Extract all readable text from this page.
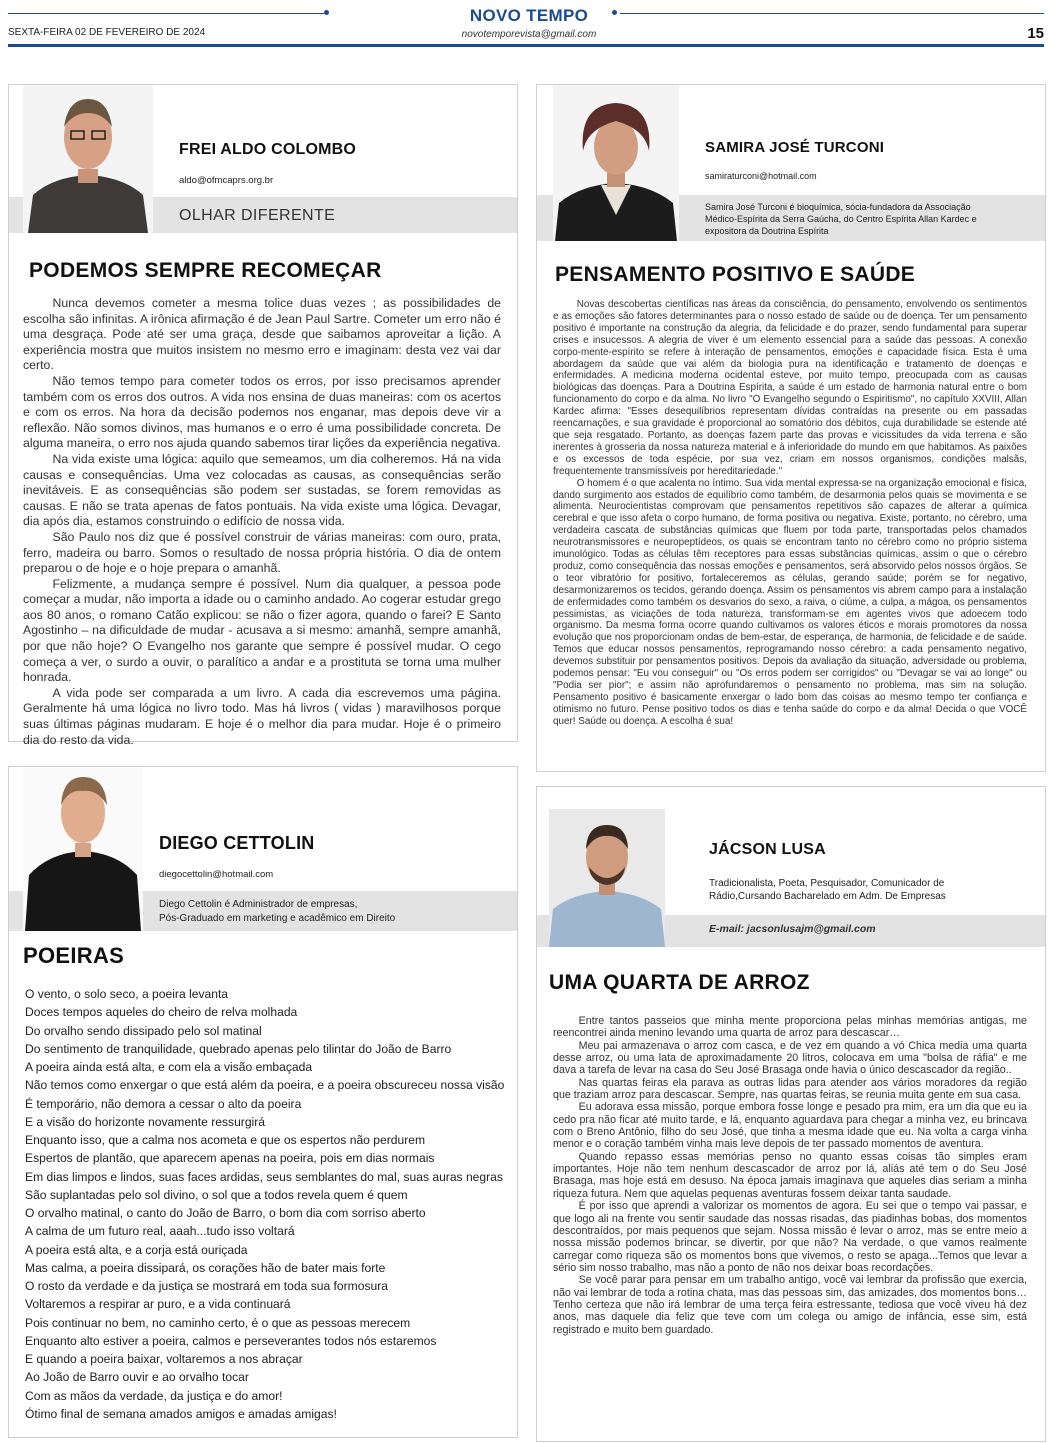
NOVO TEMPO
novotemporevista@gmail.com
SEXTA-FEIRA 02 DE FEVEREIRO DE 2024	15
FREI ALDO COLOMBO
aldo@ofmcaprs.org.br
OLHAR DIFERENTE
PODEMOS SEMPRE RECOMEÇAR

Nunca devemos cometer a mesma tolice duas vezes ; as possibilidades de escolha são infinitas. A irônica afirmação é de Jean Paul Sartre. Cometer um erro não é uma desgraça. Pode até ser uma graça, desde que saibamos aproveitar a lição. A experiência mostra que muitos insistem no mesmo erro e imaginam: desta vez vai dar certo.

Não temos tempo para cometer todos os erros, por isso precisamos aprender também com os erros dos outros. A vida nos ensina de duas maneiras: com os acertos e com os erros. Na hora da decisão podemos nos enganar, mas depois deve vir a reflexão. Não somos divinos, mas humanos e o erro é uma possibilidade concreta. De alguma maneira, o erro nos ajuda quando sabemos tirar lições da experiência negativa.

Na vida existe uma lógica: aquilo que semeamos, um dia colheremos. Há na vida causas e consequências. Uma vez colocadas as causas, as consequências serão inevitáveis. E as consequências são podem ser sustadas, se forem removidas as causas. E não se trata apenas de fatos pontuais. Na vida existe uma lógica. Devagar, dia após dia, estamos construindo o edifício de nossa vida.

São Paulo nos diz que é possível construir de várias maneiras: com ouro, prata, ferro, madeira ou barro. Somos o resultado de nossa própria história. O dia de ontem preparou o de hoje e o hoje prepara o amanhã.

Felizmente, a mudança sempre é possível. Num dia qualquer, a pessoa pode começar a mudar, não importa a idade ou o caminho andado. Ao cogerar estudar grego aos 80 anos, o romano Catão explicou: se não o fizer agora, quando o farei? E Santo Agostinho – na dificuldade de mudar - acusava a si mesmo: amanhã, sempre amanhã, por que não hoje? O Evangelho nos garante que sempre é possível mudar. O cego começa a ver, o surdo a ouvir, o paralítico a andar e a prostituta se torna uma mulher honrada.

A vida pode ser comparada a um livro. A cada dia escrevemos uma página. Geralmente há uma lógica no livro todo. Mas há livros ( vidas ) maravilhosos porque suas últimas páginas mudaram. E hoje é o melhor dia para mudar. Hoje é o primeiro dia do resto da vida.

SAMIRA JOSÉ TURCONI
samiraturconi@hotmail.com
Samira José Turconi é bioquímica, sócia-fundadora da Associação Médico-Espírita da Serra Gaúcha, do Centro Espírita Allan Kardec e expositora da Doutrina Espírita
PENSAMENTO POSITIVO E SAÚDE

Novas descobertas científicas nas áreas da consciência, do pensamento, envolvendo os sentimentos e as emoções são fatores determinantes para o nosso estado de saúde ou de doença. Ter um pensamento positivo é importante na construção da alegria, da felicidade e do prazer, sendo fundamental para superar crises e insucessos. A alegria de viver é um elemento essencial para a saúde das pessoas. A conexão corpo-mente-espírito se refere à interação de pensamentos, emoções e capacidade física. Esta é uma abordagem da saúde que vai além da biologia pura na identificação e tratamento de doenças e enfermidades. A medicina moderna ocidental esteve, por muito tempo, preocupada com as causas biológicas das doenças. Para a Doutrina Espírita, a saúde é um estado de harmonia natural entre o bom funcionamento do corpo e da alma. No livro "O Evangelho segundo o Espiritismo", no capítulo XXVIII, Allan Kardec afirma: "Esses desequilíbrios representam dívidas contraídas na presente ou em passadas reencarnações, e sua gravidade é proporcional ao somatório dos débitos, cuja durabilidade se estende até que seja resgatado. Portanto, as doenças fazem parte das provas e vicissitudes da vida terrena e são inerentes à grosseria da nossa natureza material e à inferioridade do mundo em que habitamos. As paixões e os excessos de toda espécie, por sua vez, criam em nossos organismos, condições malsãs, frequentemente transmissíveis por hereditariedade."

O homem é o que acalenta no íntimo. Sua vida mental expressa-se na organização emocional e física, dando surgimento aos estados de equilíbrio como também, de desarmonia pelos quais se movimenta e se alimenta. Neurocientistas comprovam que pensamentos repetitivos são capazes de alterar a química cerebral e que isso afeta o corpo humano, de forma positiva ou negativa. Existe, portanto, no cérebro, uma verdadeira cascata de substâncias químicas que fluem por toda parte, transportadas pelos chamados neurotransmissores e neuropeptídeos, os quais se encontram tanto no cérebro como no próprio sistema imunológico. Todas as células têm receptores para essas substâncias químicas, assim o que o cérebro produz, como consequência das nossas emoções e pensamentos, será absorvido pelos nossos órgãos. Se o teor vibratório for positivo, fortaleceremos as células, gerando saúde; porém se for negativo, desarmonizaremos os tecidos, gerando doença. Assim os pensamentos vis abrem campo para a instalação de enfermidades como também os desvarios do sexo, a raiva, o ciúme, a culpa, a mágoa, os pensamentos pessimistas, as viciações de toda natureza, transformam-se em agentes vivos que adoecem todo organismo. Da mesma forma ocorre quando cultivamos os valores éticos e morais promotores da nossa evolução que nos proporcionam ondas de bem-estar, de esperança, de harmonia, de felicidade e de saúde. Temos que educar nossos pensamentos, reprogramando nosso cérebro: a cada pensamento negativo, devemos substituir por pensamentos positivos. Depois da avaliação da situação, adversidade ou problema, podemos pensar: "Eu vou conseguir" ou "Os erros podem ser corrigidos" ou "Devagar se vai ao longe" ou "Podia ser pior"; e assim não aprofundaremos o pensamento no problema, mas sim na solução. Pensamento positivo é basicamente enxergar o lado bom das coisas ao mesmo tempo ter confiança e otimismo no futuro. Pense positivo todos os dias e tenha saúde do corpo e da alma! Decida o que VOCÊ quer! Saúde ou doença. A escolha é sua!

DIEGO CETTOLIN
diegocettolin@hotmail.com
Diego Cettolin é Administrador de empresas,
Pós-Graduado em marketing e acadêmico em Direito
POEIRAS
O vento, o solo seco, a poeira levanta
Doces tempos aqueles do cheiro de relva molhada
Do orvalho sendo dissipado pelo sol matinal
Do sentimento de tranquilidade, quebrado apenas pelo tilintar do João de Barro
A poeira ainda está alta, e com ela a visão embaçada
Não temos como enxergar o que está além da poeira, e a poeira obscureceu nossa visão
É temporário, não demora a cessar o alto da poeira
E a visão do horizonte novamente ressurgirá
Enquanto isso, que a calma nos acometa e que os espertos não perdurem
Espertos de plantão, que aparecem apenas na poeira, pois em dias normais
Em dias limpos e lindos, suas faces ardidas, seus semblantes do mal, suas auras negras
São suplantadas pelo sol divino, o sol que a todos revela quem é quem
O orvalho matinal, o canto do João de Barro, o bom dia com sorriso aberto
A calma de um futuro real, aaah...tudo isso voltará
A poeira está alta, e a corja está ouriçada
Mas calma, a poeira dissipará, os corações hão de bater mais forte
O rosto da verdade e da justiça se mostrará em toda sua formosura
Voltaremos a respirar ar puro, e a vida continuará
Pois continuar no bem, no caminho certo, é o que as pessoas merecem
Enquanto alto estiver a poeira, calmos e perseverantes todos nós estaremos
E quando a poeira baixar, voltaremos a nos abraçar
Ao João de Barro ouvir e ao orvalho tocar
Com as mãos da verdade, da justiça e do amor!
Ótimo final de semana amados amigos e amadas amigas!
JÁCSON LUSA
Tradicionalista, Poeta, Pesquisador, Comunicador de Rádio,Cursando Bacharelado em Adm. De Empresas
E-mail: jacsonlusajm@gmail.com
UMA QUARTA DE ARROZ

Entre tantos passeios que minha mente proporciona pelas minhas memórias antigas, me reencontrei ainda menino levando uma quarta de arroz para descascar…

Meu pai armazenava o arroz com casca, e de vez em quando a vó Chica media uma quarta desse arroz, ou uma lata de aproximadamente 20 litros, colocava em uma "bolsa de ráfia" e me dava a tarefa de levar na casa do Seu José Brasaga onde havia o único descascador da região..

Nas quartas feiras ela parava as outras lidas para atender aos vários moradores da região que traziam arroz para descascar. Sempre, nas quartas feiras, se reunia muita gente em sua casa.

Eu adorava essa missão, porque embora fosse longe e pesado pra mim, era um dia que eu ia cedo pra não ficar até muito tarde, e lá, enquanto aguardava para chegar a minha vez, eu brincava com o Breno Antônio, filho do seu José, que tinha a mesma idade que eu. Na volta a carga vinha menor e o coração também vinha mais leve depois de ter passado momentos de aventura.

Quando repasso essas memórias penso no quanto essas coisas tão simples eram importantes. Hoje não tem nenhum descascador de arroz por lá, aliás até tem o do Seu José Brasaga, mas hoje está em desuso. Na época jamais imaginava que aqueles dias seriam a minha riqueza futura. Nem que aquelas pequenas aventuras fossem deixar tanta saudade.

É por isso que aprendi a valorizar os momentos de agora. Eu sei que o tempo vai passar, e que logo ali na frente vou sentir saudade das nossas risadas, das piadinhas bobas, dos momentos descontraídos, por mais pequenos que sejam. Nossa missão é levar o arroz, mas se entre meio a nossa missão podemos brincar, se divertir, por que não? Na verdade, o que vamos realmente carregar como riqueza são os momentos bons que vivemos, o resto se apaga...Temos que levar a sério sim nosso trabalho, mas não a ponto de não nos deixar boas recordações.

Se você parar para pensar em um trabalho antigo, você vai lembrar da profissão que exercia, não vai lembrar de toda a rotina chata, mas das pessoas sim, das amizades, dos momentos bons…Tenho certeza que não irá lembrar de uma terça feira estressante, tediosa que você viveu há dez anos, mas daquele dia feliz que teve com um colega ou amigo de infância, esse sim, está registrado e muito bem guardado.
